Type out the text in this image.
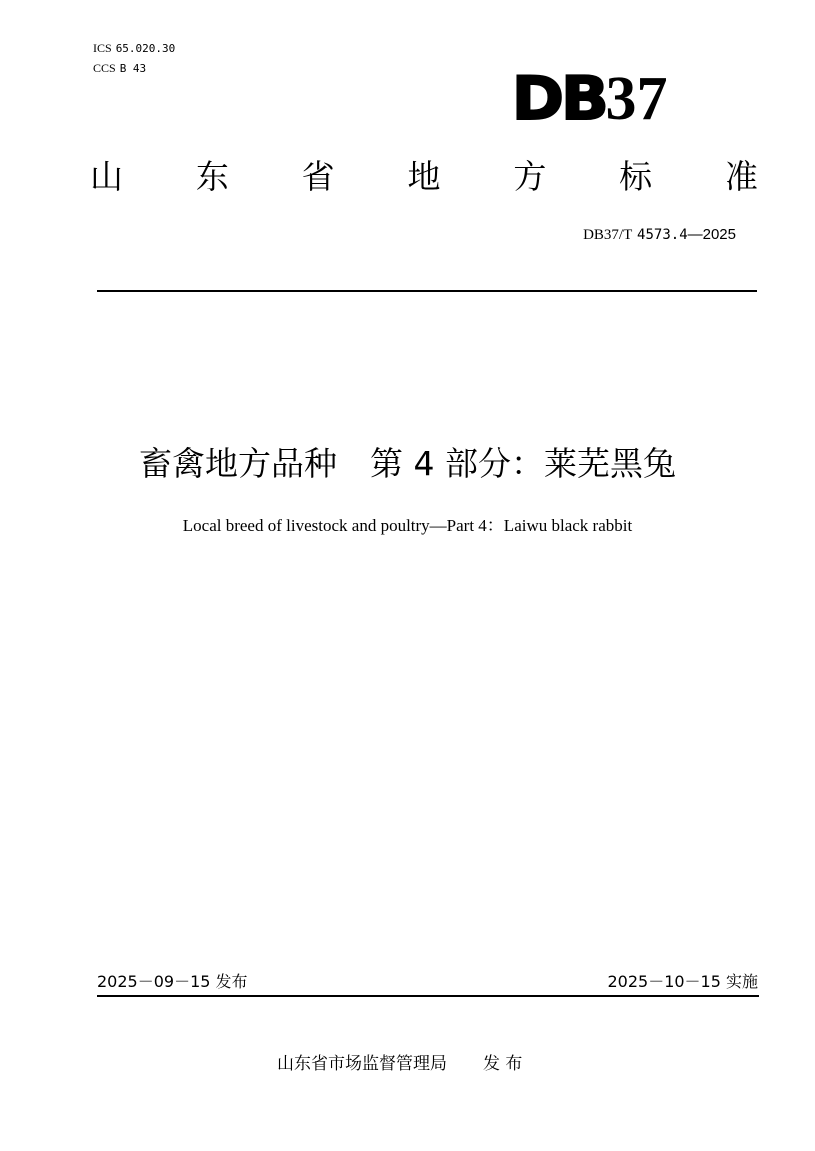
ICS 65.020.30
CCS B 43	DB37
山 东 省 地 方 标 准
DB37/T 4573.4—2025
畜禽地方品种　第 4 部分：莱芜黑兔
Local breed of livestock and poultry—Part 4：Laiwu black rabbit
2025－09－15 发布	2025－10－15 实施
山东省市场监督管理局 发 布
